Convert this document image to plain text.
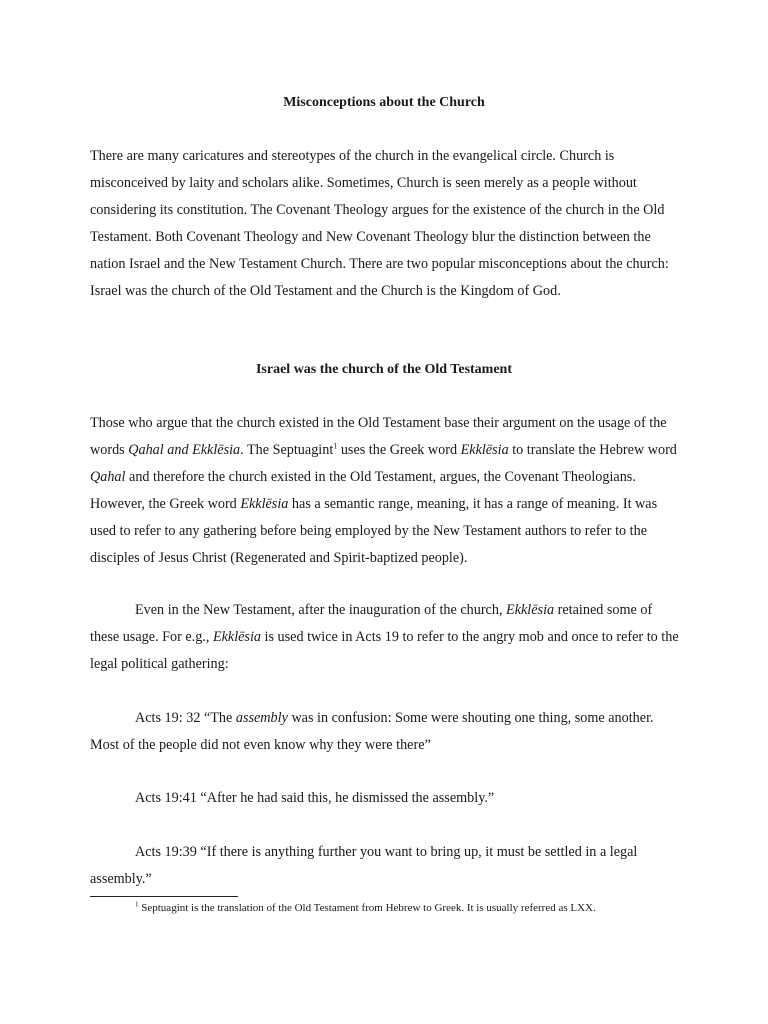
Misconceptions about the Church

There are many caricatures and stereotypes of the church in the evangelical circle. Church is misconceived by laity and scholars alike. Sometimes, Church is seen merely as a people without considering its constitution. The Covenant Theology argues for the existence of the church in the Old Testament. Both Covenant Theology and New Covenant Theology blur the distinction between the nation Israel and the New Testament Church. There are two popular misconceptions about the church: Israel was the church of the Old Testament and the Church is the Kingdom of God.

Israel was the church of the Old Testament

Those who argue that the church existed in the Old Testament base their argument on the usage of the words Qahal and Ekklēsia. The Septuagint$^1$ uses the Greek word Ekklēsia to translate the Hebrew word Qahal and therefore the church existed in the Old Testament, argues, the Covenant Theologians. However, the Greek word Ekklēsia has a semantic range, meaning, it has a range of meaning. It was used to refer to any gathering before being employed by the New Testament authors to refer to the disciples of Jesus Christ (Regenerated and Spirit-baptized people).

Even in the New Testament, after the inauguration of the church, Ekklēsia retained some of these usage. For e.g., Ekklēsia is used twice in Acts 19 to refer to the angry mob and once to refer to the legal political gathering:

Acts 19: 32 “The assembly was in confusion: Some were shouting one thing, some another. Most of the people did not even know why they were there”

Acts 19:41 “After he had said this, he dismissed the assembly.”

Acts 19:39 “If there is anything further you want to bring up, it must be settled in a legal assembly.”

$^1$ Septuagint is the translation of the Old Testament from Hebrew to Greek. It is usually referred as LXX.
